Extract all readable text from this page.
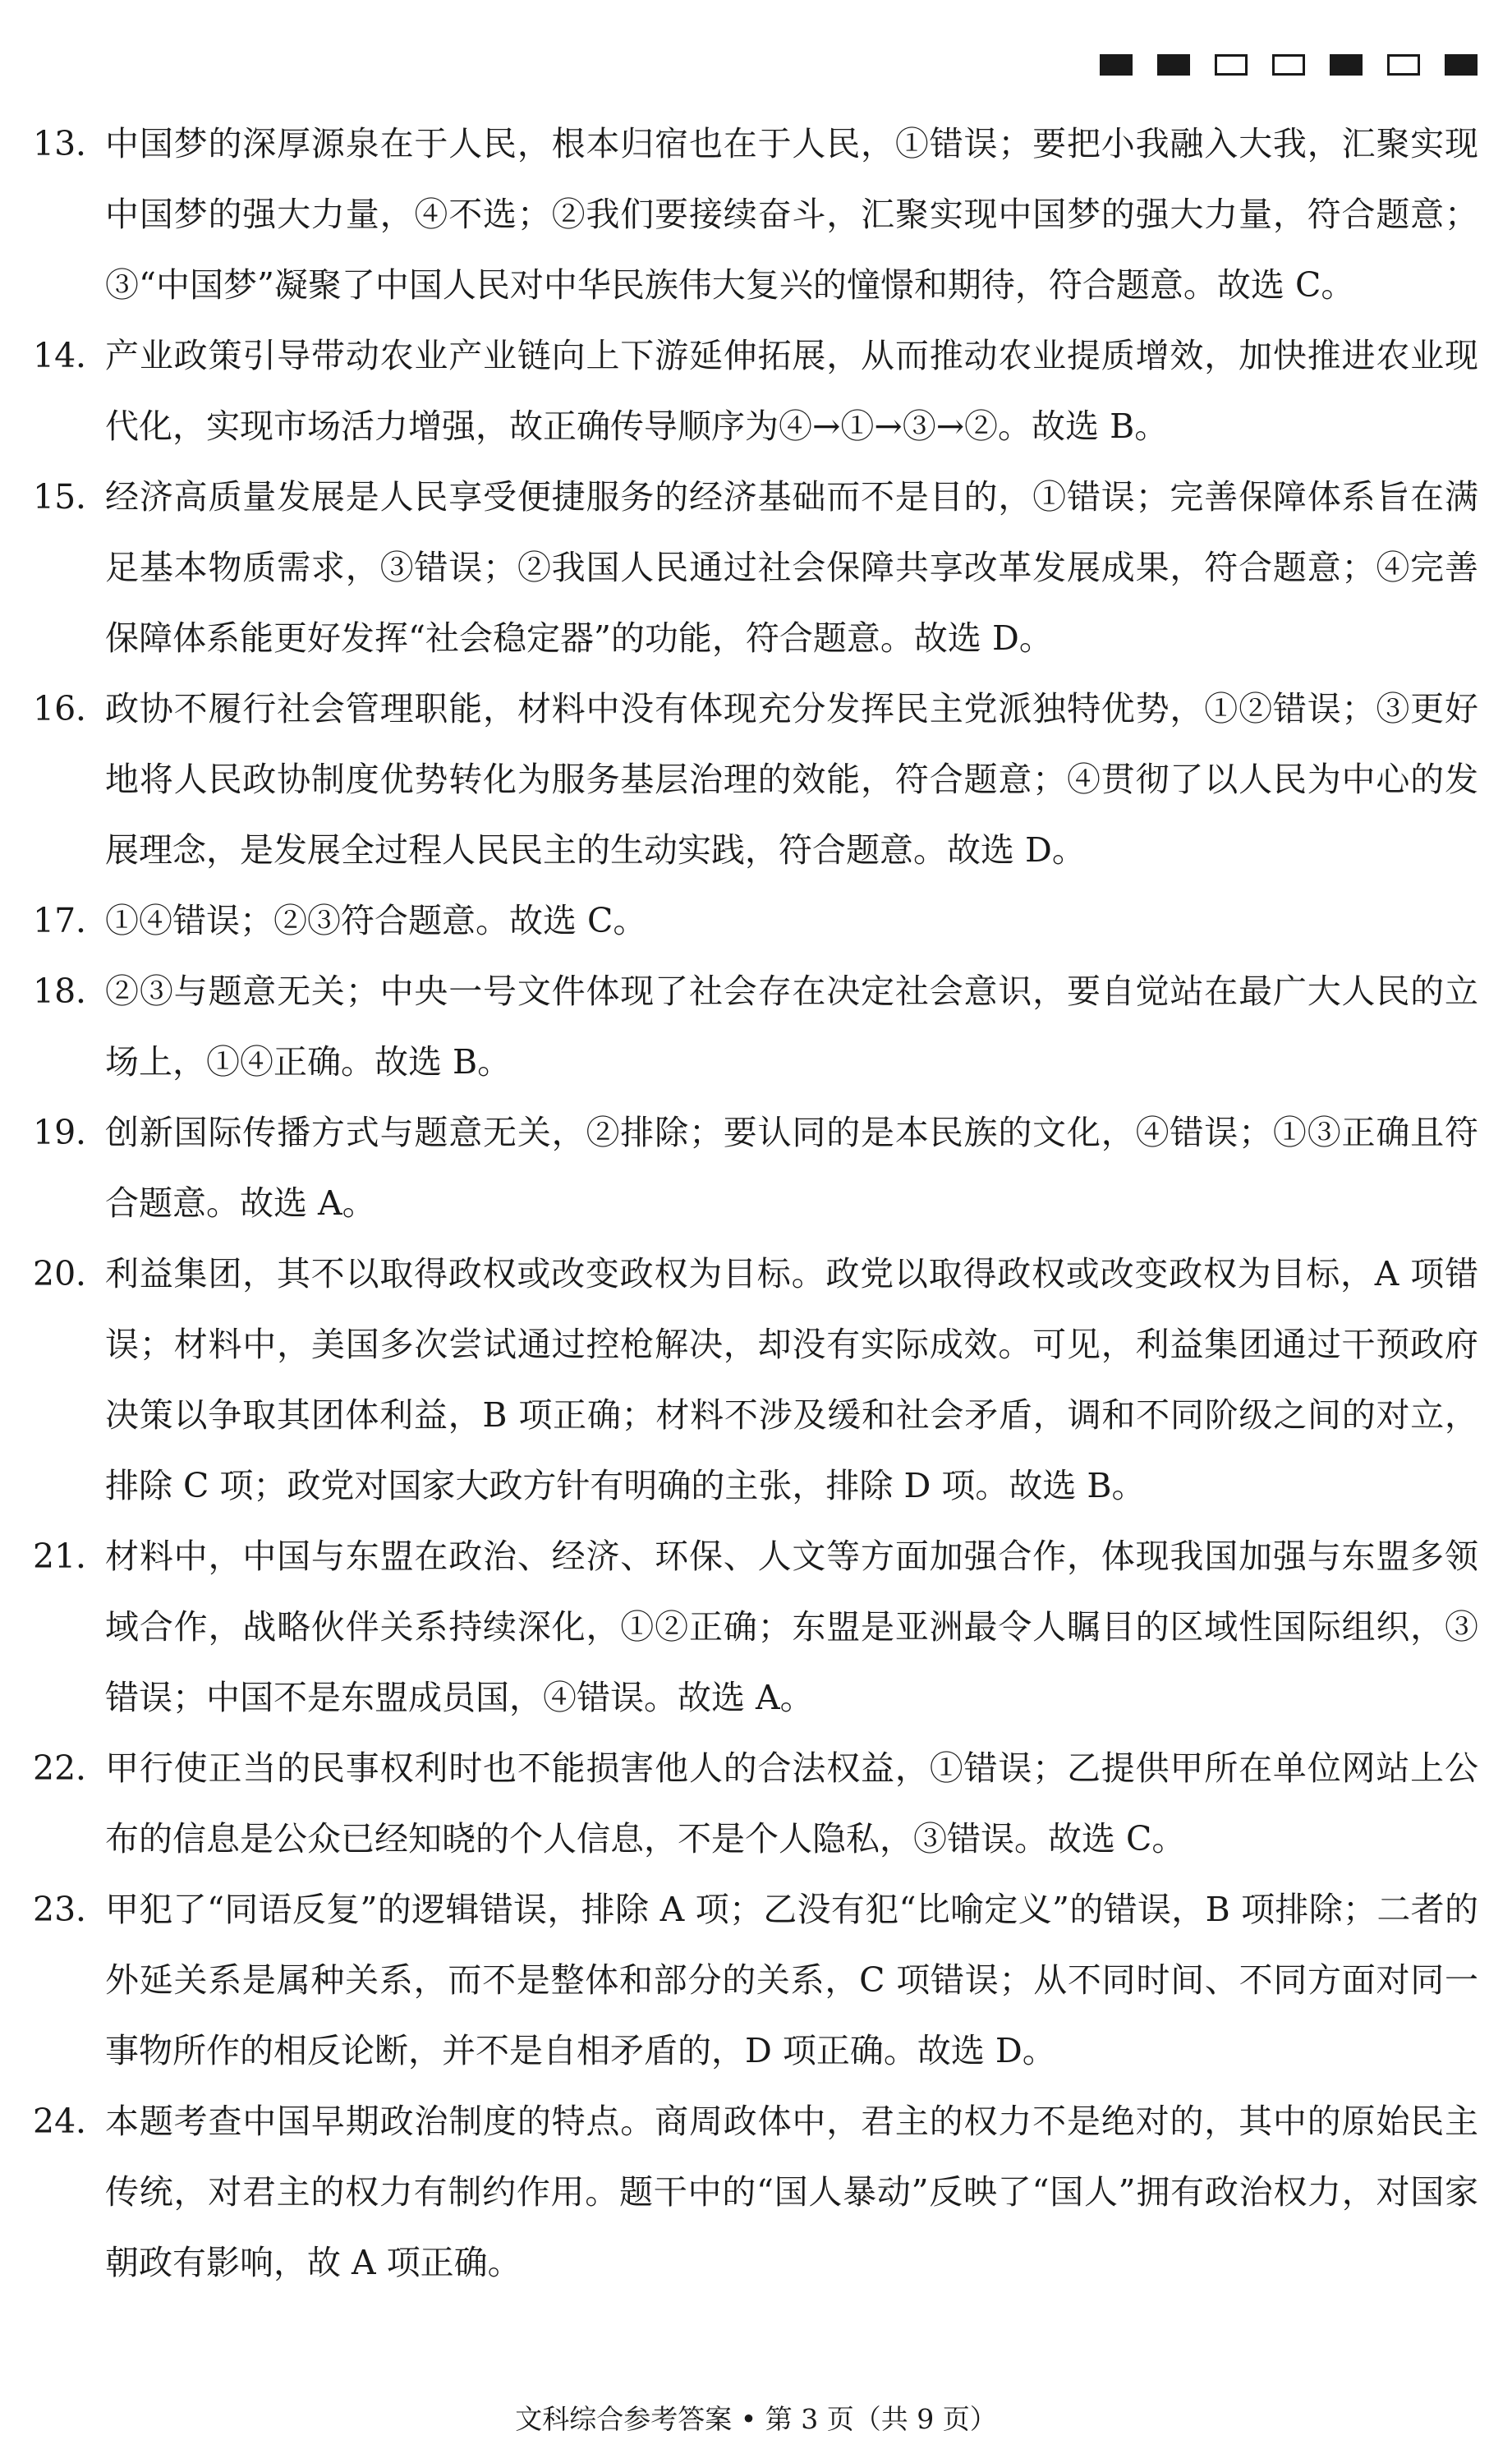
13．
中国梦的深厚源泉在于人民，根本归宿也在于人民，①错误；要把小我融入大我，汇聚实现中国梦的强大力量，④不选；②我们要接续奋斗，汇聚实现中国梦的强大力量，符合题意；③“中国梦”凝聚了中国人民对中华民族伟大复兴的憧憬和期待，符合题意。故选 C。
14．
产业政策引导带动农业产业链向上下游延伸拓展，从而推动农业提质增效，加快推进农业现代化，实现市场活力增强，故正确传导顺序为④→①→③→②。故选 B。
15．
经济高质量发展是人民享受便捷服务的经济基础而不是目的，①错误；完善保障体系旨在满足基本物质需求，③错误；②我国人民通过社会保障共享改革发展成果，符合题意；④完善保障体系能更好发挥“社会稳定器”的功能，符合题意。故选 D。
16．
政协不履行社会管理职能，材料中没有体现充分发挥民主党派独特优势，①②错误；③更好地将人民政协制度优势转化为服务基层治理的效能，符合题意；④贯彻了以人民为中心的发展理念，是发展全过程人民民主的生动实践，符合题意。故选 D。
17．
①④错误；②③符合题意。故选 C。
18．
②③与题意无关；中央一号文件体现了社会存在决定社会意识，要自觉站在最广大人民的立场上，①④正确。故选 B。
19．
创新国际传播方式与题意无关，②排除；要认同的是本民族的文化，④错误；①③正确且符合题意。故选 A。
20．
利益集团，其不以取得政权或改变政权为目标。政党以取得政权或改变政权为目标，A 项错误；材料中，美国多次尝试通过控枪解决，却没有实际成效。可见，利益集团通过干预政府决策以争取其团体利益，B 项正确；材料不涉及缓和社会矛盾，调和不同阶级之间的对立，排除 C 项；政党对国家大政方针有明确的主张，排除 D 项。故选 B。
21．
材料中，中国与东盟在政治、经济、环保、人文等方面加强合作，体现我国加强与东盟多领域合作，战略伙伴关系持续深化，①②正确；东盟是亚洲最令人瞩目的区域性国际组织，③错误；中国不是东盟成员国，④错误。故选 A。
22．
甲行使正当的民事权利时也不能损害他人的合法权益，①错误；乙提供甲所在单位网站上公布的信息是公众已经知晓的个人信息，不是个人隐私，③错误。故选 C。
23．
甲犯了“同语反复”的逻辑错误，排除 A 项；乙没有犯“比喻定义”的错误，B 项排除；二者的外延关系是属种关系，而不是整体和部分的关系，C 项错误；从不同时间、不同方面对同一事物所作的相反论断，并不是自相矛盾的，D 项正确。故选 D。
24．
本题考查中国早期政治制度的特点。商周政体中，君主的权力不是绝对的，其中的原始民主传统，对君主的权力有制约作用。题干中的“国人暴动”反映了“国人”拥有政治权力，对国家朝政有影响，故 A 项正确。
文科综合参考答案 • 第 3 页（共 9 页）
